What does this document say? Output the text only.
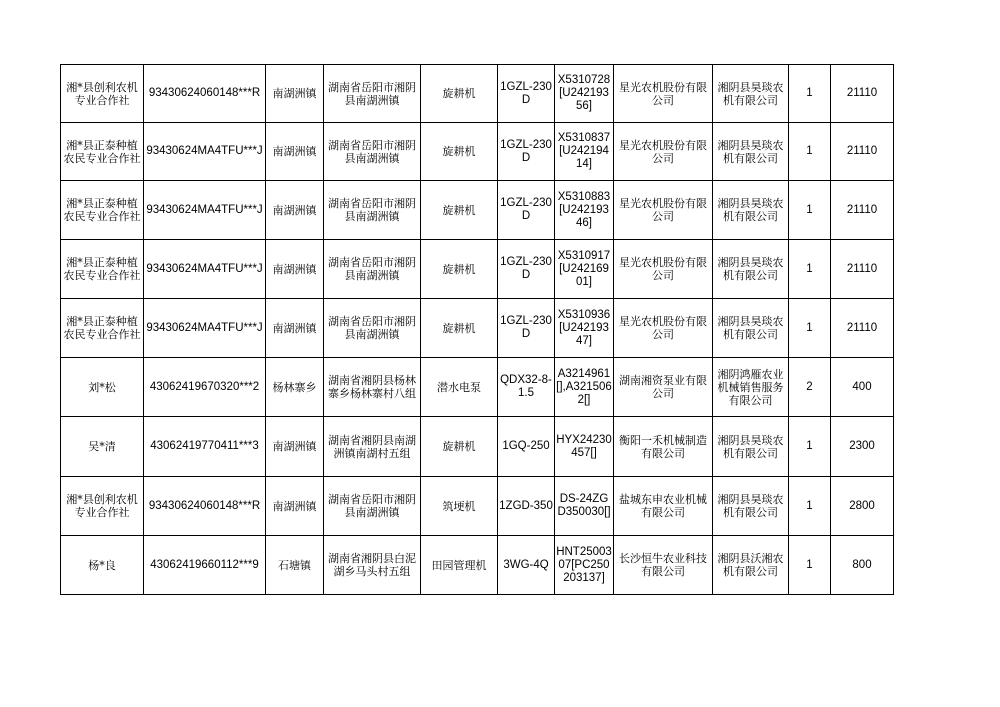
湘*县创利农机专业合作社	93430624060148***R	南湖洲镇	湖南省岳阳市湘阴县南湖洲镇	旋耕机	1GZL-230D	X5310728[U24219356]	星光农机股份有限公司	湘阴县昊琰农机有限公司	1	21110
湘*县正泰种植农民专业合作社	93430624MA4TFU***J	南湖洲镇	湖南省岳阳市湘阴县南湖洲镇	旋耕机	1GZL-230D	X5310837[U24219414]	星光农机股份有限公司	湘阴县昊琰农机有限公司	1	21110
湘*县正泰种植农民专业合作社	93430624MA4TFU***J	南湖洲镇	湖南省岳阳市湘阴县南湖洲镇	旋耕机	1GZL-230D	X5310883[U24219346]	星光农机股份有限公司	湘阴县昊琰农机有限公司	1	21110
湘*县正泰种植农民专业合作社	93430624MA4TFU***J	南湖洲镇	湖南省岳阳市湘阴县南湖洲镇	旋耕机	1GZL-230D	X5310917[U24216901]	星光农机股份有限公司	湘阴县昊琰农机有限公司	1	21110
湘*县正泰种植农民专业合作社	93430624MA4TFU***J	南湖洲镇	湖南省岳阳市湘阴县南湖洲镇	旋耕机	1GZL-230D	X5310936[U24219347]	星光农机股份有限公司	湘阴县昊琰农机有限公司	1	21110
刘*松	43062419670320***2	杨林寨乡	湖南省湘阴县杨林寨乡杨林寨村八组	潜水电泵	QDX32-8-1.5	A3214961[],A3215062[]	湖南湘资泵业有限公司	湘阴鸿雁农业机械销售服务有限公司	2	400
吴*清	43062419770411***3	南湖洲镇	湖南省湘阴县南湖洲镇南湖村五组	旋耕机	1GQ-250	HYX24230457[]	衡阳一禾机械制造有限公司	湘阴县昊琰农机有限公司	1	2300
湘*县创利农机专业合作社	93430624060148***R	南湖洲镇	湖南省岳阳市湘阴县南湖洲镇	筑埂机	1ZGD-350	DS-24ZGD350030[]	盐城东申农业机械有限公司	湘阴县昊琰农机有限公司	1	2800
杨*良	43062419660112***9	石塘镇	湖南省湘阴县白泥湖乡马头村五组	田园管理机	3WG-4Q	HNT2500307[PC250203137]	长沙恒牛农业科技有限公司	湘阴县沃湘农机有限公司	1	800
